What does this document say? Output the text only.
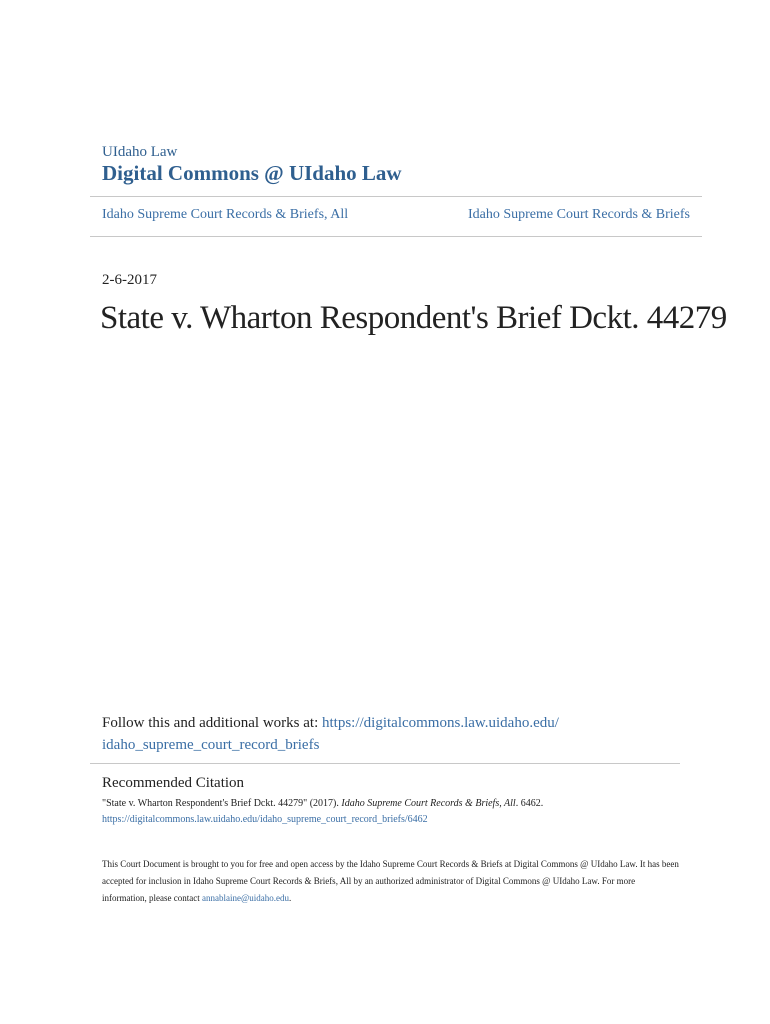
UIdaho Law
Digital Commons @ UIdaho Law
Idaho Supreme Court Records & Briefs, All	Idaho Supreme Court Records & Briefs
2-6-2017
State v. Wharton Respondent's Brief Dckt. 44279
Follow this and additional works at: https://digitalcommons.law.uidaho.edu/
idaho_supreme_court_record_briefs
Recommended Citation
"State v. Wharton Respondent's Brief Dckt. 44279" (2017). Idaho Supreme Court Records & Briefs, All. 6462.
https://digitalcommons.law.uidaho.edu/idaho_supreme_court_record_briefs/6462
This Court Document is brought to you for free and open access by the Idaho Supreme Court Records & Briefs at Digital Commons @ UIdaho Law. It has been accepted for inclusion in Idaho Supreme Court Records & Briefs, All by an authorized administrator of Digital Commons @ UIdaho Law. For more information, please contact annablaine@uidaho.edu.
